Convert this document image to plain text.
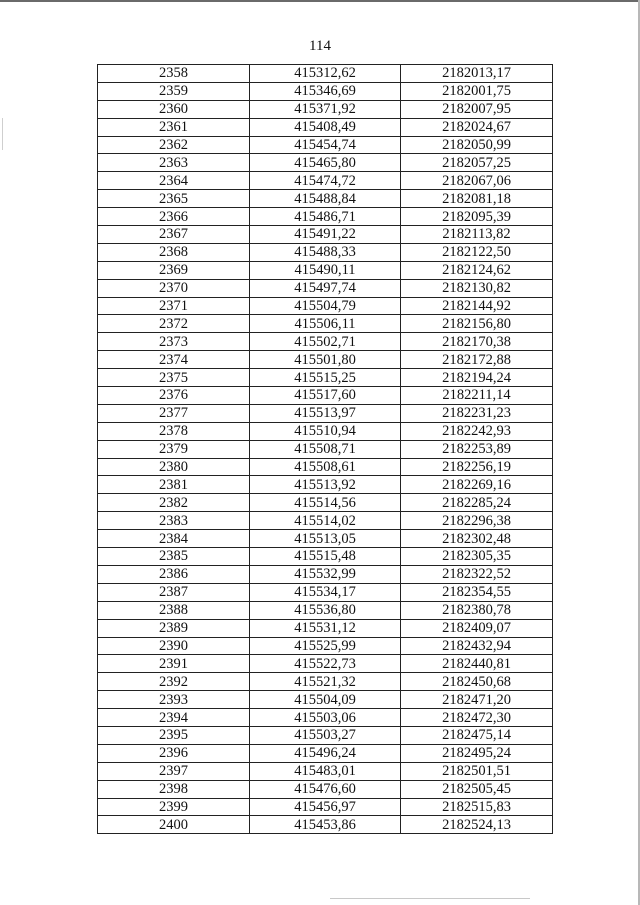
114
2358	415312,62	2182013,17
2359	415346,69	2182001,75
2360	415371,92	2182007,95
2361	415408,49	2182024,67
2362	415454,74	2182050,99
2363	415465,80	2182057,25
2364	415474,72	2182067,06
2365	415488,84	2182081,18
2366	415486,71	2182095,39
2367	415491,22	2182113,82
2368	415488,33	2182122,50
2369	415490,11	2182124,62
2370	415497,74	2182130,82
2371	415504,79	2182144,92
2372	415506,11	2182156,80
2373	415502,71	2182170,38
2374	415501,80	2182172,88
2375	415515,25	2182194,24
2376	415517,60	2182211,14
2377	415513,97	2182231,23
2378	415510,94	2182242,93
2379	415508,71	2182253,89
2380	415508,61	2182256,19
2381	415513,92	2182269,16
2382	415514,56	2182285,24
2383	415514,02	2182296,38
2384	415513,05	2182302,48
2385	415515,48	2182305,35
2386	415532,99	2182322,52
2387	415534,17	2182354,55
2388	415536,80	2182380,78
2389	415531,12	2182409,07
2390	415525,99	2182432,94
2391	415522,73	2182440,81
2392	415521,32	2182450,68
2393	415504,09	2182471,20
2394	415503,06	2182472,30
2395	415503,27	2182475,14
2396	415496,24	2182495,24
2397	415483,01	2182501,51
2398	415476,60	2182505,45
2399	415456,97	2182515,83
2400	415453,86	2182524,13
